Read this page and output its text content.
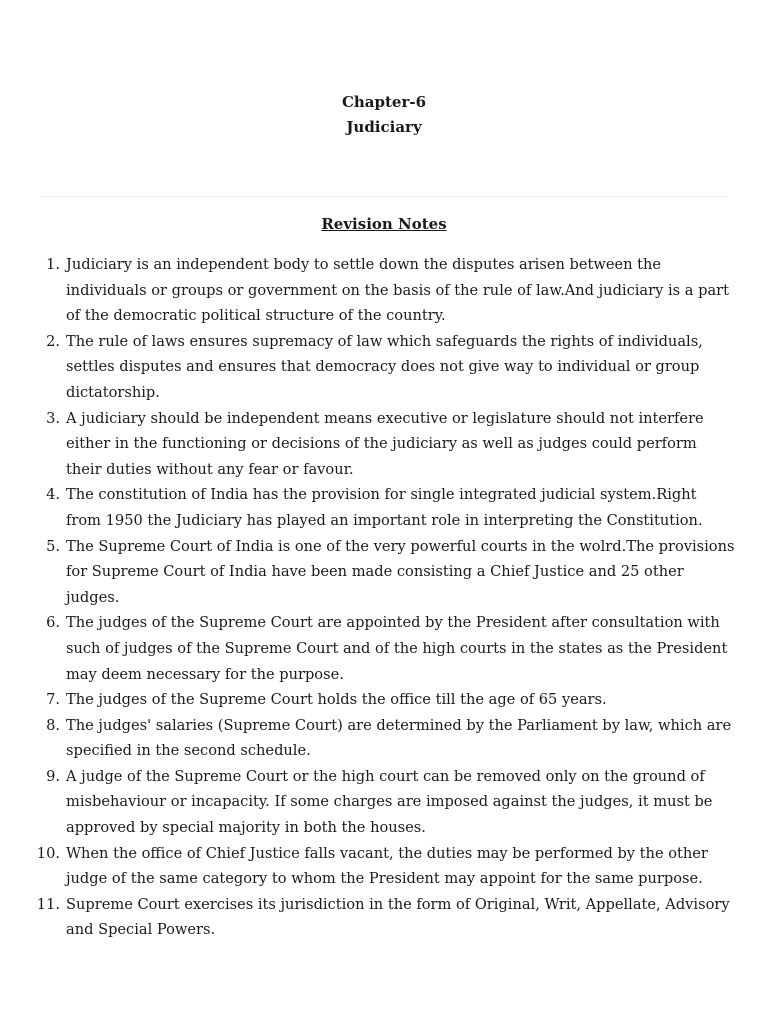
Chapter-6
Judiciary
Revision Notes
1. Judiciary is an independent body to settle down the disputes arisen between the individuals or groups or government on the basis of the rule of law.And judiciary is a part of the democratic political structure of the country.
2. The rule of laws ensures supremacy of law which safeguards the rights of individuals, settles disputes and ensures that democracy does not give way to individual or group dictatorship.
3. A judiciary should be independent means executive or legislature should not interfere either in the functioning or decisions of the judiciary as well as judges could perform their duties without any fear or favour.
4. The constitution of India has the provision for single integrated judicial system.Right from 1950 the Judiciary has played an important role in interpreting the Constitution.
5. The Supreme Court of India is one of the very powerful courts in the wolrd.The provisions for Supreme Court of India have been made consisting a Chief Justice and 25 other judges.
6. The judges of the Supreme Court are appointed by the President after consultation with such of judges of the Supreme Court and of the high courts in the states as the President may deem necessary for the purpose.
7. The judges of the Supreme Court holds the office till the age of 65 years.
8. The judges' salaries (Supreme Court) are determined by the Parliament by law, which are specified in the second schedule.
9. A judge of the Supreme Court or the high court can be removed only on the ground of misbehaviour or incapacity. If some charges are imposed against the judges, it must be approved by special majority in both the houses.
10. When the office of Chief Justice falls vacant, the duties may be performed by the other judge of the same category to whom the President may appoint for the same purpose.
11. Supreme Court exercises its jurisdiction in the form of Original, Writ, Appellate, Advisory and Special Powers.
